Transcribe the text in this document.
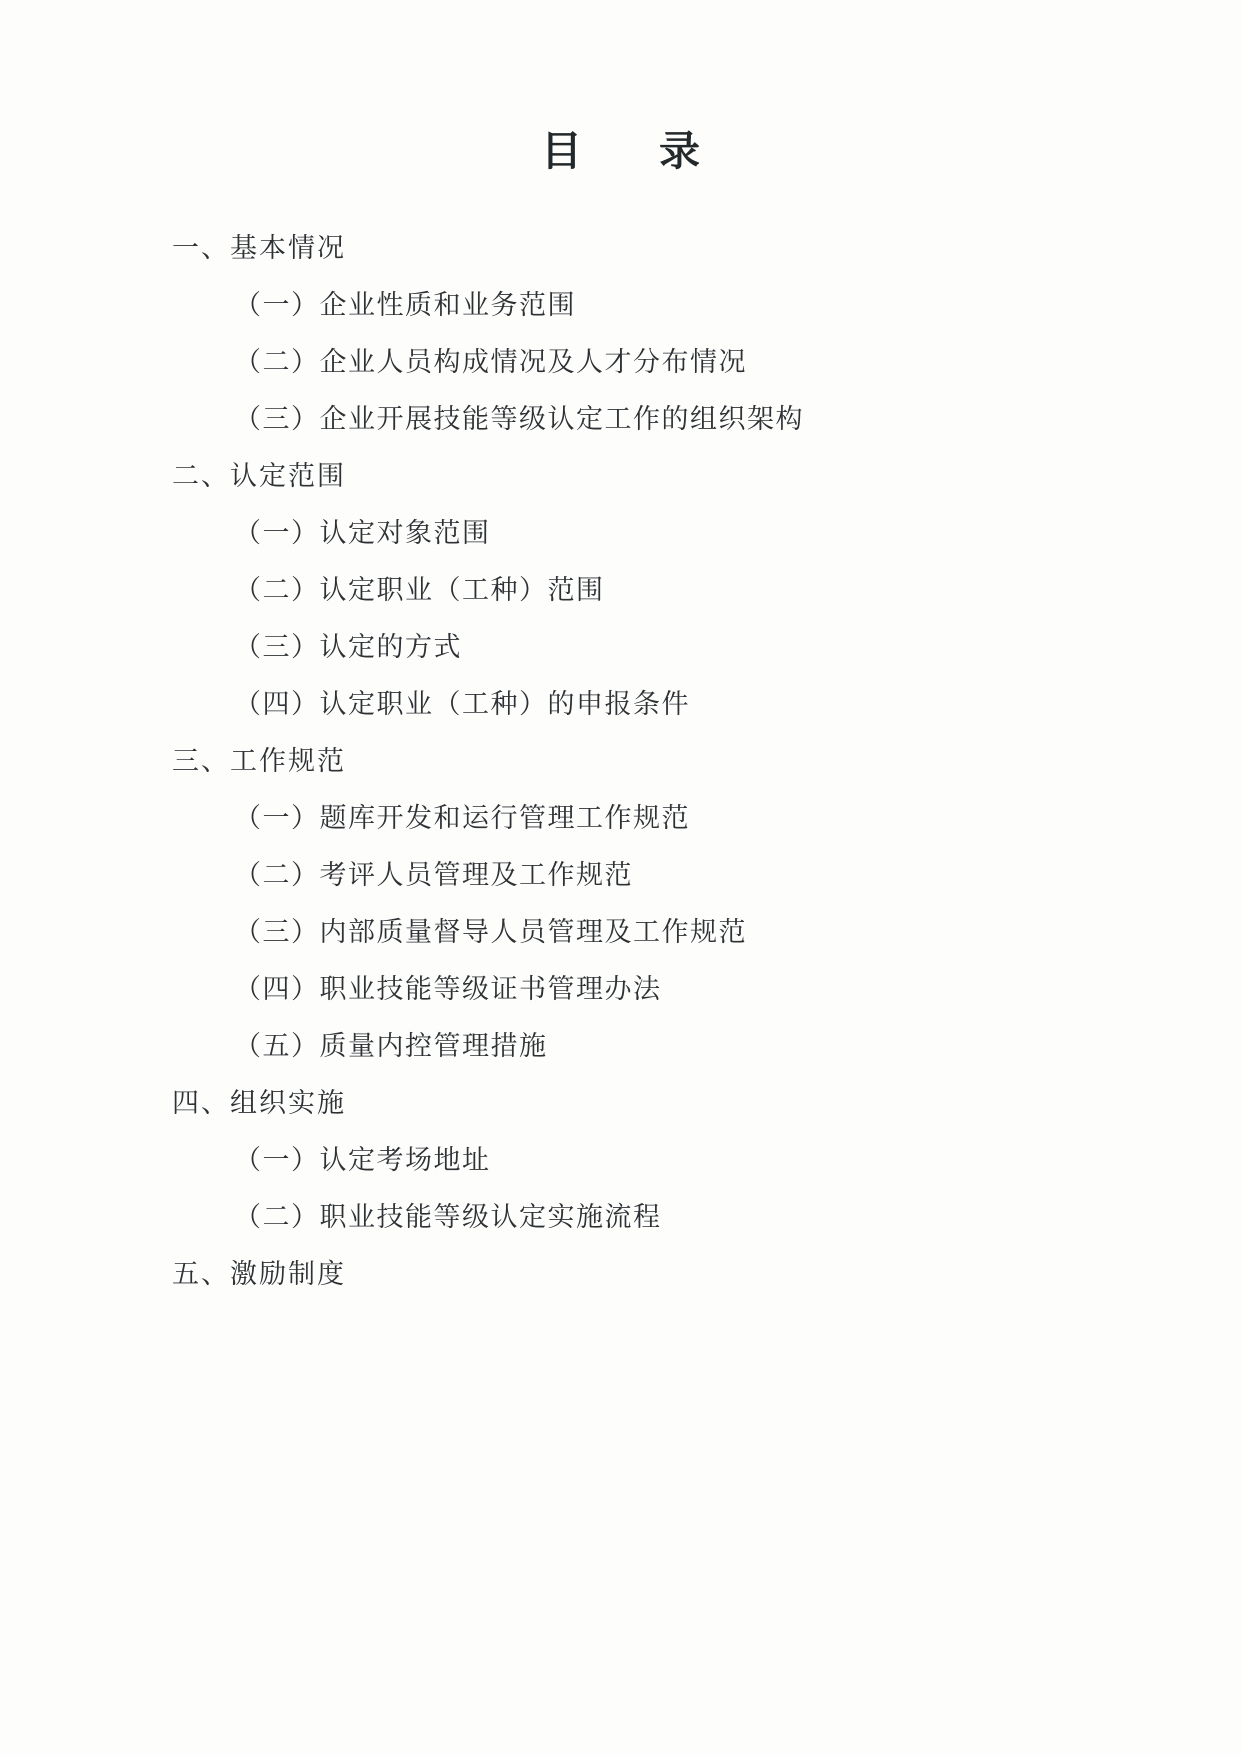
目　录
一、基本情况
（一）企业性质和业务范围
（二）企业人员构成情况及人才分布情况
（三）企业开展技能等级认定工作的组织架构
二、认定范围
（一）认定对象范围
（二）认定职业（工种）范围
（三）认定的方式
（四）认定职业（工种）的申报条件
三、工作规范
（一）题库开发和运行管理工作规范
（二）考评人员管理及工作规范
（三）内部质量督导人员管理及工作规范
（四）职业技能等级证书管理办法
（五）质量内控管理措施
四、组织实施
（一）认定考场地址
（二）职业技能等级认定实施流程
五、激励制度
